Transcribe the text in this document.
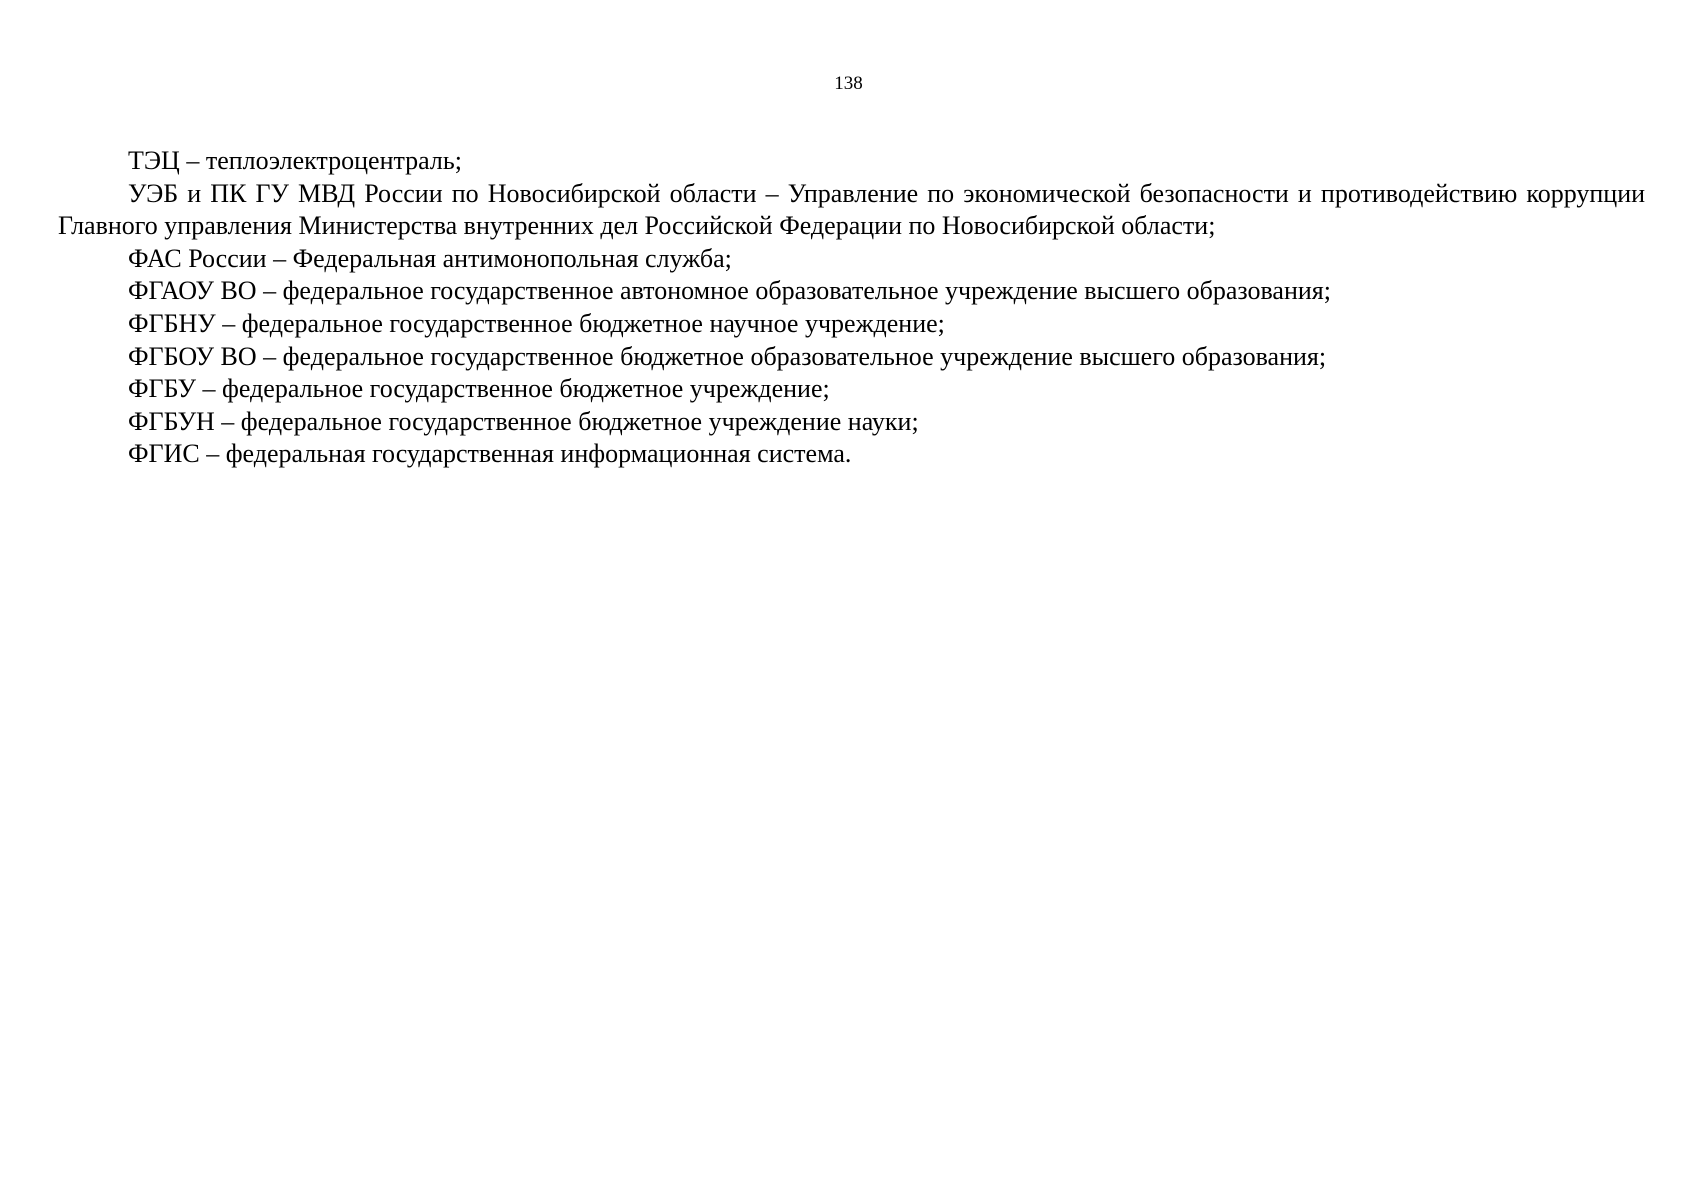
138

ТЭЦ – теплоэлектроцентраль;

УЭБ и ПК ГУ МВД России по Новосибирской области – Управление по экономической безопасности и противодействию коррупции Главного управления Министерства внутренних дел Российской Федерации по Новосибирской области;

ФАС России – Федеральная антимонопольная служба;

ФГАОУ ВО – федеральное государственное автономное образовательное учреждение высшего образования;

ФГБНУ – федеральное государственное бюджетное научное учреждение;

ФГБОУ ВО – федеральное государственное бюджетное образовательное учреждение высшего образования;

ФГБУ – федеральное государственное бюджетное учреждение;

ФГБУН – федеральное государственное бюджетное учреждение науки;

ФГИС – федеральная государственная информационная система.
